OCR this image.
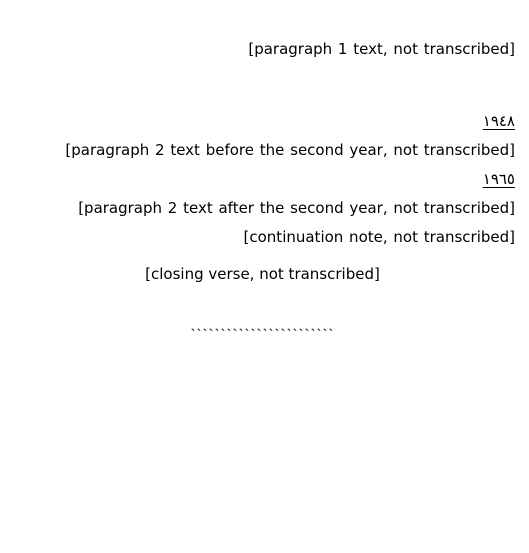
[paragraph 1 text, not transcribed]

١٩٤٨
[paragraph 2 text before the second year, not transcribed]
١٩٦٥
[paragraph 2 text after the second year, not transcribed]
[continuation note, not transcribed]

[closing verse, not transcribed]

ˏˏˏˏˏˏˏˏˏˏˏˏˏˏˏˏˏˏˏˏˏˏˏˏ
